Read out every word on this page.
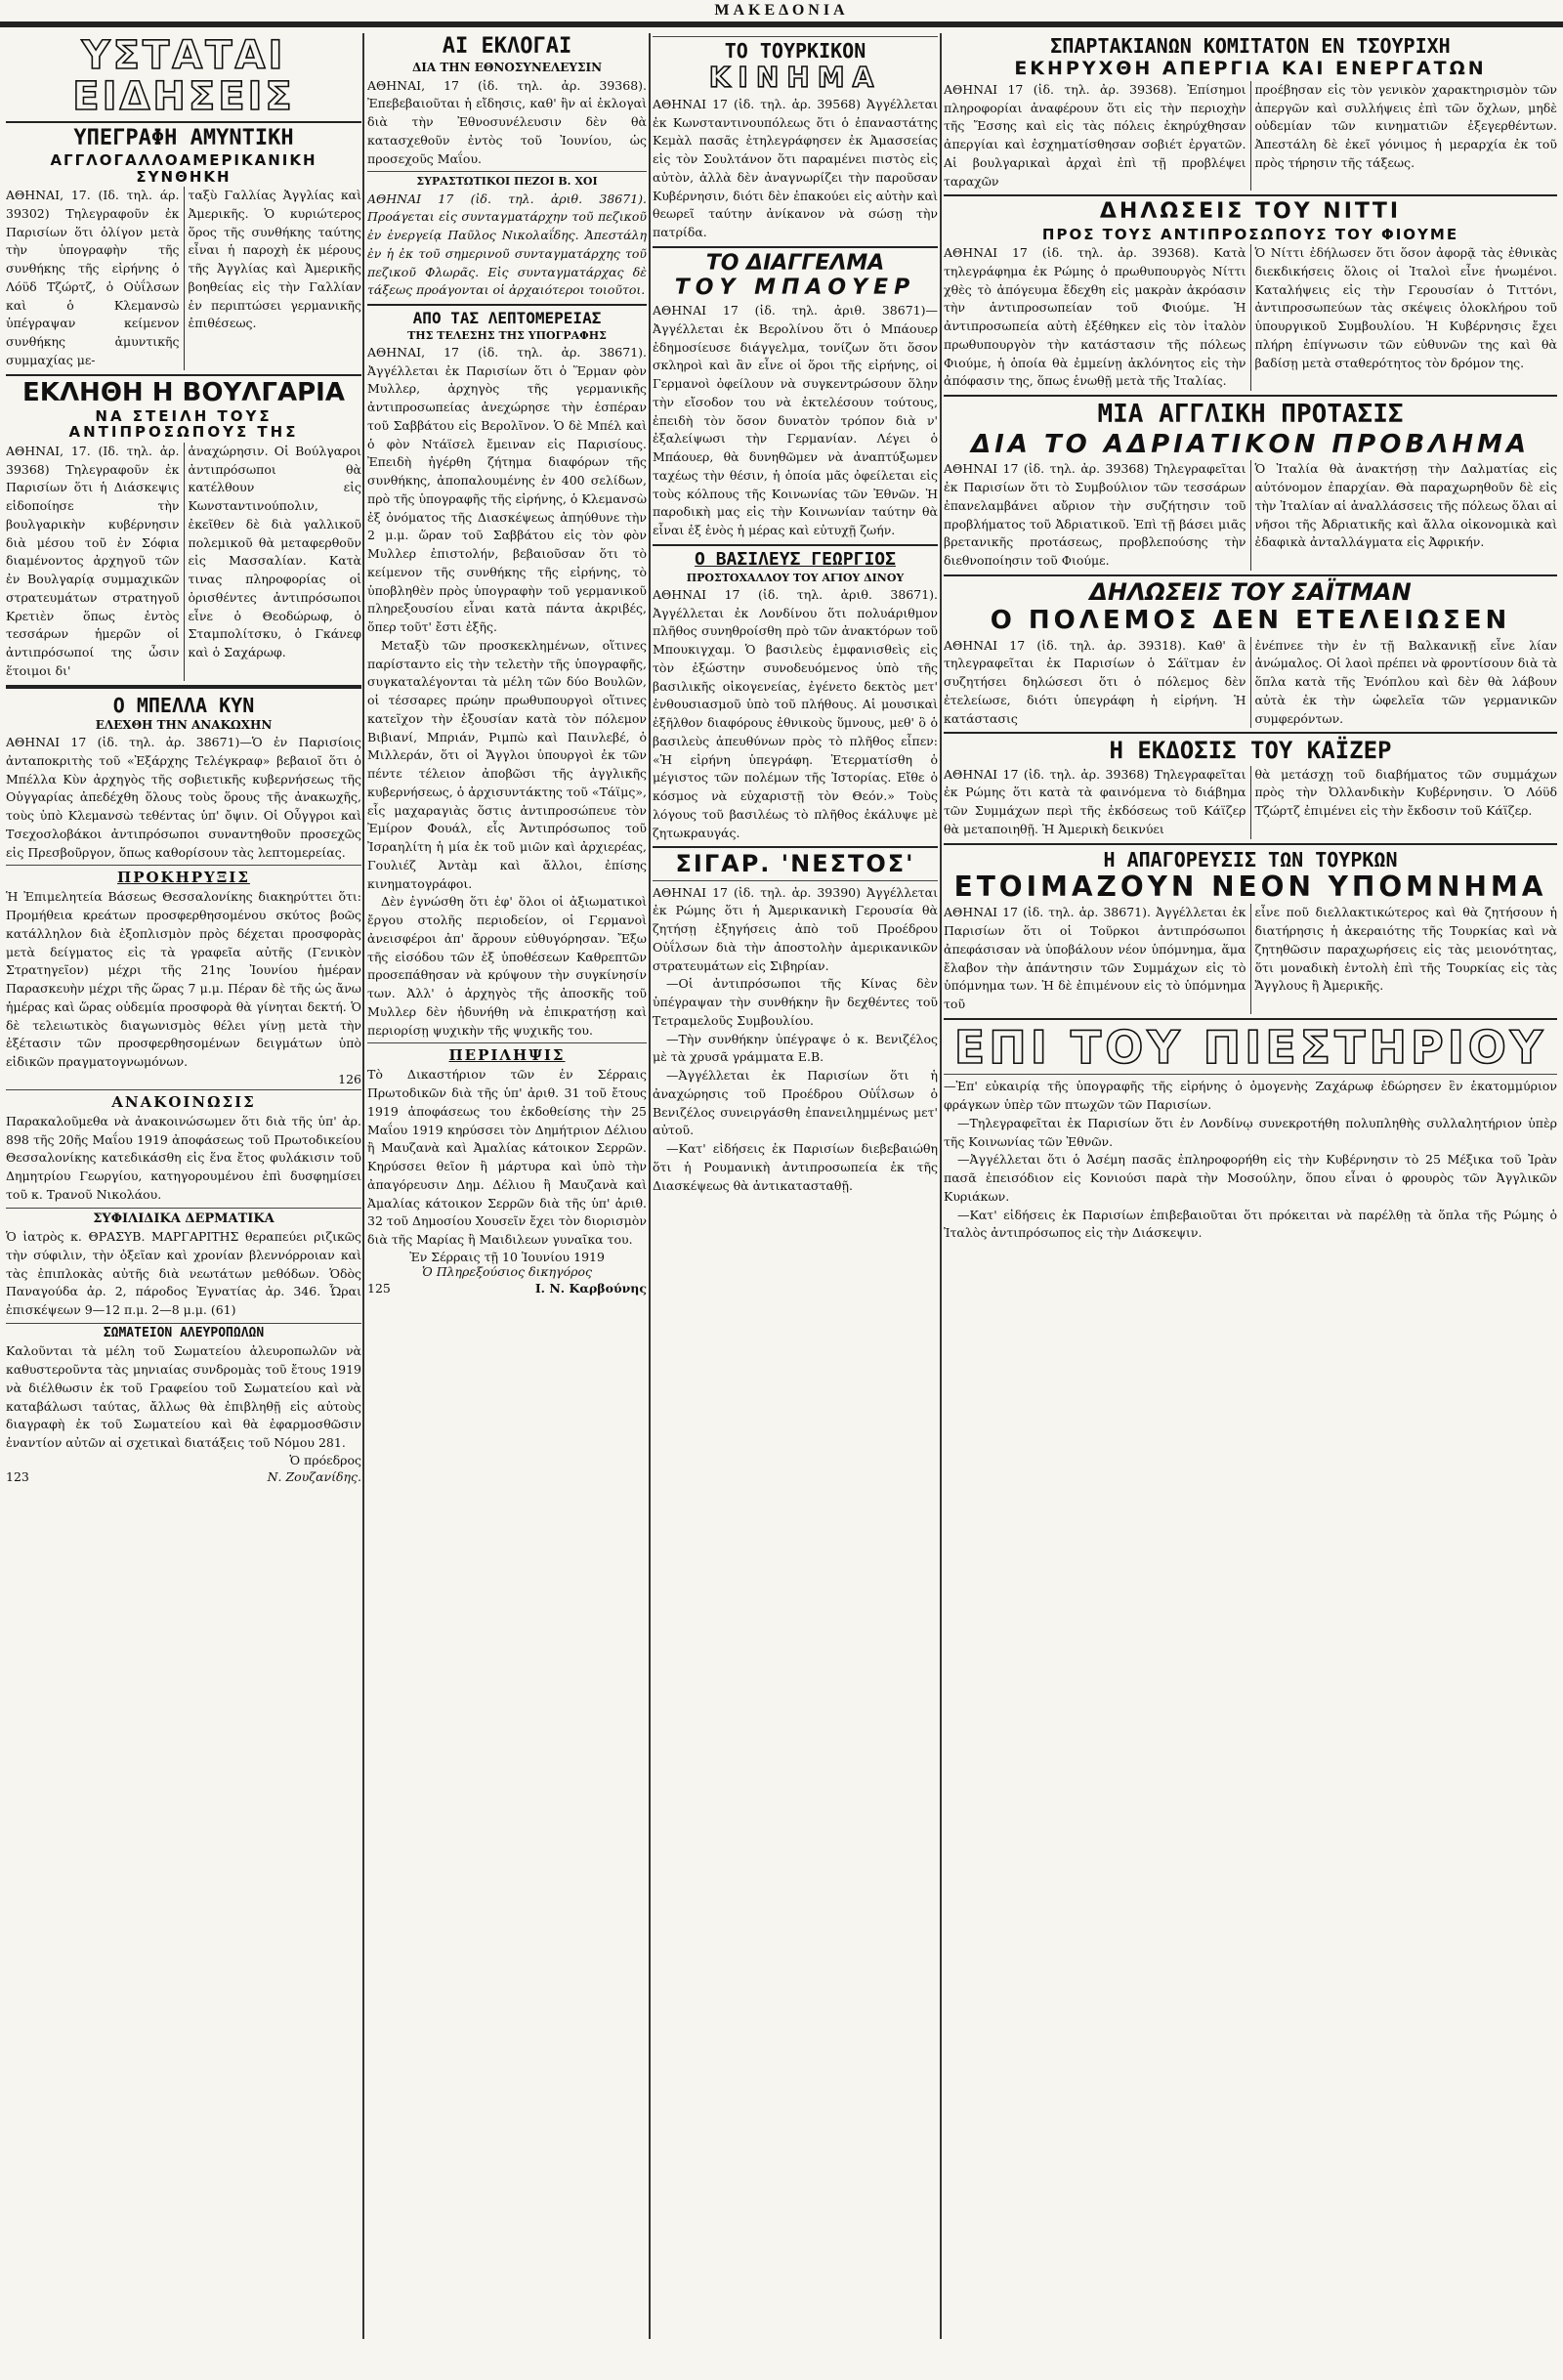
ΜΑΚΕΔΟΝΙΑ
ΥΣΤΑΤΑΙ ΕΙΔΗΣΕΙΣ
ΥΠΕΓΡΑΦΗ ΑΜΥΝΤΙΚΗ
ΑΓΓΛΟΓΑΛΛΟΑΜΕΡΙΚΑΝΙΚΗ ΣΥΝΘΗΚΗ

ΑΘΗΝΑΙ, 17. (Ιδ. τηλ. άρ. 39302) Τηλεγραφοῦν ἐκ Παρισίων ὅτι ὀλίγον μετὰ τὴν ὑπογραφὴν τῆς συνθήκης τῆς εἰρήνης ὁ Λόϋδ Τζώρτζ, ὁ Οὐΐλσων καὶ ὁ Κλεμανσὼ ὑπέγραψαν κείμενον συνθήκης ἀμυντικῆς συμμαχίας με-

ταξὺ Γαλλίας Ἀγγλίας καὶ Ἀμερικῆς. Ὁ κυριώτερος ὅρος τῆς συνθήκης ταύτης εἶναι ἡ παροχὴ ἐκ μέρους τῆς Ἀγγλίας καὶ Ἀμερικῆς βοηθείας εἰς τὴν Γαλλίαν ἐν περιπτώσει γερμανικῆς ἐπιθέσεως.

ΕΚΛΗΘΗ Η ΒΟΥΛΓΑΡΙΑ
ΝΑ ΣΤΕΙΛΗ ΤΟΥΣ ΑΝΤΙΠΡΟΣΩΠΟΥΣ ΤΗΣ

ΑΘΗΝΑΙ, 17. (Ιδ. τηλ. ἀρ. 39368) Τηλεγραφοῦν ἐκ Παρισίων ὅτι ἡ Διάσκεψις εἰδοποίησε τὴν βουλγαρικὴν κυβέρνησιν διὰ μέσου τοῦ ἐν Σόφια διαμένοντος ἀρχηγοῦ τῶν ἐν Βουλγαρίᾳ συμμαχικῶν στρατευμάτων στρατηγοῦ Κρετιὲν ὅπως ἐντὸς τεσσάρων ἡμερῶν οἱ ἀντιπρόσωποί της ὦσιν ἕτοιμοι δι'

ἀναχώρησιν. Οἱ Βούλγαροι ἀντιπρόσωποι θὰ κατέλθουν εἰς Κωνσταντινούπολιν, ἐκεῖθεν δὲ διὰ γαλλικοῦ πολεμικοῦ θὰ μεταφερθοῦν εἰς Μασσαλίαν. Κατὰ τινας πληροφορίας οἱ ὁρισθέντες ἀντιπρόσωποι εἶνε ὁ Θεοδώρωφ, ὁ Σταμπολίτσκυ, ὁ Γκάνεφ καὶ ὁ Σαχάρωφ.

Ο ΜΠΕΛΛΑ ΚΥΝ
ΕΛΕΧΘΗ ΤΗΝ ΑΝΑΚΩΧΗΝ

ΑΘΗΝΑΙ 17 (ἰδ. τηλ. ἀρ. 38671)—Ὁ ἐν Παρισίοις ἀνταποκριτὴς τοῦ «Ἐξάρχης Τελέγκραφ» βεβαιοῖ ὅτι ὁ Μπέλλα Κὺν ἀρχηγὸς τῆς σοβιετικῆς κυβερνήσεως τῆς Οὑγγαρίας ἀπεδέχθη ὅλους τοὺς ὅρους τῆς ἀνακωχῆς, τοὺς ὑπὸ Κλεμανσὼ τεθέντας ὑπ' ὄψιν. Οἱ Οὗγγροι καὶ Τσεχοσλοβάκοι ἀντιπρόσωποι συναντηθοῦν προσεχῶς εἰς Πρεσβοῦργον, ὅπως καθορίσουν τὰς λεπτομερείας.

ΠΡΟΚΗΡΥΞΙΣ

Ἡ Ἐπιμελητεία Βάσεως Θεσσαλονίκης διακηρύττει ὅτι: Προμήθεια κρεάτων προσφερθησομένου σκύτος βοῶς κατάλληλον διὰ ἐξοπλισμὸν πρὸς δέχεται προσφορὰς μετὰ δείγματος εἰς τὰ γραφεῖα αὐτῆς (Γενικὸν Στρατηγεῖον) μέχρι τῆς 21ης Ἰουνίου ἡμέραν Παρασκευὴν μέχρι τῆς ὥρας 7 μ.μ. Πέραν δὲ τῆς ὡς ἄνω ἡμέρας καὶ ὥρας οὐδεμία προσφορὰ θὰ γίνηται δεκτή. Ὁ δὲ τελειωτικὸς διαγωνισμὸς θέλει γίνῃ μετὰ τὴν ἐξέτασιν τῶν προσφερθησομένων δειγμάτων ὑπὸ εἰδικῶν πραγματογνωμόνων.

126
ΑΝΑΚΟΙΝΩΣΙΣ

Παρακαλοῦμεθα νὰ ἀνακοινώσωμεν ὅτι διὰ τῆς ὑπ' ἀρ. 898 τῆς 20ῆς Μαΐου 1919 ἀποφάσεως τοῦ Πρωτοδικείου Θεσσαλονίκης κατεδικάσθη εἰς ἕνα ἔτος φυλάκισιν τοῦ Δημητρίου Γεωργίου, κατηγορουμένου ἐπὶ δυσφημίσει τοῦ κ. Τρανοῦ Νικολάου.

ΣΥΦΙΛΙΔΙΚΑ ΔΕΡΜΑΤΙΚΑ

Ὁ ἰατρὸς κ. ΘΡΑΣΥΒ. ΜΑΡΓΑΡΙΤΗΣ θεραπεύει ριζικῶς τὴν σύφιλιν, τὴν ὀξεῖαν καὶ χρονίαν βλεννόρροιαν καὶ τὰς ἐπιπλοκὰς αὐτῆς διὰ νεωτάτων μεθόδων. Ὁδὸς Παναγούδα ἀρ. 2, πάροδος Ἐγνατίας ἀρ. 346. Ὧραι ἐπισκέψεων 9—12 π.μ. 2—8 μ.μ. (61)

ΣΩΜΑΤΕΙΟΝ ΑΛΕΥΡΟΠΩΛΩΝ

Καλοῦνται τὰ μέλη τοῦ Σωματείου ἀλευροπωλῶν νὰ καθυστεροῦντα τὰς μηνιαίας συνδρομὰς τοῦ ἔτους 1919 νὰ διέλθωσιν ἐκ τοῦ Γραφείου τοῦ Σωματείου καὶ νὰ καταβάλωσι ταύτας, ἄλλως θὰ ἐπιβληθῇ εἰς αὐτοὺς διαγραφὴ ἐκ τοῦ Σωματείου καὶ θὰ ἐφαρμοσθῶσιν ἐναντίον αὐτῶν αἱ σχετικαὶ διατάξεις τοῦ Νόμου 281.

Ὁ πρόεδρος
123	Ν. Ζουζανίδης.
ΑΙ ΕΚΛΟΓΑΙ
ΔΙΑ ΤΗΝ ΕΘΝΟΣΥΝΕΛΕΥΣΙΝ

ΑΘΗΝΑΙ, 17 (ἰδ. τηλ. ἀρ. 39368). Ἐπεβεβαιοῦται ἡ εἴδησις, καθ' ἣν αἱ ἐκλογαὶ διὰ τὴν Ἐθνοσυνέλευσιν δὲν θὰ κατασχεθοῦν ἐντὸς τοῦ Ἰουνίου, ὡς προσεχοῦς Μαΐου.

ΣΥΡΑΣΤΩΤΙΚΟΙ ΠΕΖΟΙ Β. ΧΟΙ

ΑΘΗΝΑΙ 17 (ἰδ. τηλ. ἀριθ. 38671). Προάγεται εἰς συνταγματάρχην τοῦ πεζικοῦ ἐν ἐνεργείᾳ Παῦλος Νικολαΐδης. Ἀπεστάλη ἐν ἡ ἐκ τοῦ σημερινοῦ συνταγματάρχης τοῦ πεζικοῦ Φλωρᾶς. Εἰς συνταγματάρχας δὲ τάξεως προάγονται οἱ ἀρχαιότεροι τοιοῦτοι.

ΑΠΟ ΤΑΣ ΛΕΠΤΟΜΕΡΕΙΑΣ
ΤΗΣ ΤΕΛΕΣΗΣ ΤΗΣ ΥΠΟΓΡΑΦΗΣ

ΑΘΗΝΑΙ, 17 (ἰδ. τηλ. ἀρ. 38671). Ἀγγέλλεται ἐκ Παρισίων ὅτι ὁ Ἕρμαν φὸν Μυλλερ, ἀρχηγὸς τῆς γερμανικῆς ἀντιπροσωπείας ἀνεχώρησε τὴν ἑσπέραν τοῦ Σαββάτου εἰς Βερολῖνον. Ὁ δὲ Μπέλ καὶ ὁ φὸν Ντάϊσελ ἔμειναν εἰς Παρισίους. Ἐπειδὴ ἠγέρθη ζήτημα διαφόρων τῆς συνθήκης, ἀποπαλουμένης ἐν 400 σελίδων, πρὸ τῆς ὑπογραφῆς τῆς εἰρήνης, ὁ Κλεμανσὼ ἐξ ὀνόματος τῆς Διασκέψεως ἀπηύθυνε τὴν 2 μ.μ. ὥραν τοῦ Σαββάτου εἰς τὸν φὸν Μυλλερ ἐπιστολήν, βεβαιοῦσαν ὅτι τὸ κείμενον τῆς συνθήκης τῆς εἰρήνης, τὸ ὑποβληθὲν πρὸς ὑπογραφὴν τοῦ γερμανικοῦ πληρεξουσίου εἶναι κατὰ πάντα ἀκριβές, ὅπερ τοῦτ' ἔστι ἐξῆς.

Μεταξὺ τῶν προσκεκλημένων, οἵτινες παρίσταντο εἰς τὴν τελετὴν τῆς ὑπογραφῆς, συγκαταλέγονται τὰ μέλη τῶν δύο Βουλῶν, οἱ τέσσαρες πρώην πρωθυπουργοὶ οἵτινες κατεῖχον τὴν ἐξουσίαν κατὰ τὸν πόλεμον Βιβιανί, Μπριάν, Ριμπὼ καὶ Παινλεβέ, ὁ Μιλλεράν, ὅτι οἱ Ἄγγλοι ὑπουργοὶ ἐκ τῶν πέντε τέλειον ἀποβῶσι τῆς ἀγγλικῆς κυβερνήσεως, ὁ ἀρχισυντάκτης τοῦ «Τάϊμς», εἷς μαχαραγιὰς ὅστις ἀντιπροσώπευε τὸν Ἐμίρον Φουάλ, εἷς Ἀντιπρόσωπος τοῦ Ἰσραηλίτη ἡ μία ἐκ τοῦ μιῶν καὶ ἀρχιερέας, Γουλιέζ Ἀντὰμ καὶ ἄλλοι, ἐπίσης κινηματογράφοι.

Δὲν ἐγνώσθη ὅτι ἐφ' ὅλοι οἱ ἀξιωματικοὶ ἔργου στολῆς περιοδείον, οἱ Γερμανοὶ ἀνεισφέροι ἀπ' ἄρρουν εὐθυγόρησαν. Ἔξω τῆς εἰσόδου τῶν ἐξ ὑποθέσεων Καθρεπτῶν προσεπάθησαν νὰ κρύψουν τὴν συγκίνησίν των. Ἀλλ' ὁ ἀρχηγὸς τῆς ἀποσκῆς τοῦ Μυλλερ δὲν ἠδυνήθη νὰ ἐπικρατήσῃ καὶ περιορίσῃ ψυχικὴν τῆς ψυχικῆς του.

ΠΕΡΙΛΗΨΙΣ

Τὸ Δικαστήριον τῶν ἐν Σέρραις Πρωτοδικῶν διὰ τῆς ὑπ' ἀριθ. 31 τοῦ ἔτους 1919 ἀποφάσεως του ἐκδοθείσης τὴν 25 Μαΐου 1919 κηρύσσει τὸν Δημήτριον Δέλιου ἢ Μαυζανὰ καὶ Ἀμαλίας κάτοικον Σερρῶν. Κηρύσσει θεῖον ἢ μάρτυρα καὶ ὑπὸ τὴν ἀπαγόρευσιν Δημ. Δέλιου ἢ Μαυζανὰ καὶ Ἀμαλίας κάτοικον Σερρῶν διὰ τῆς ὑπ' ἀριθ. 32 τοῦ Δημοσίου Χουσεῖν ἔχει τὸν διορισμὸν διὰ τῆς Μαρίας ἢ Μαιδιλεων γυναῖκα του.

Ἐν Σέρραις τῇ 10 Ἰουνίου 1919
Ὁ Πληρεξούσιος δικηγόρος
125	Ι. Ν. Καρβούνης
ΤΟ ΤΟΥΡΚΙΚΟΝ
ΚΙΝΗΜΑ

ΑΘΗΝΑΙ 17 (ἰδ. τηλ. ἀρ. 39568) Ἀγγέλλεται ἐκ Κωνσταντινουπόλεως ὅτι ὁ ἐπαναστάτης Κεμὰλ πασᾶς ἐτηλεγράφησεν ἐκ Ἀμασσείας εἰς τὸν Σουλτάνον ὅτι παραμένει πιστὸς εἰς αὐτὸν, ἀλλὰ δὲν ἀναγνωρίζει τὴν παροῦσαν Κυβέρνησιν, διότι δὲν ἐπακούει εἰς αὐτὴν καὶ θεωρεῖ ταύτην ἀνίκανον νὰ σώσῃ τὴν πατρίδα.

ΤΟ ΔΙΑΓΓΕΛΜΑ
ΤΟΥ ΜΠΑΟΥΕΡ

ΑΘΗΝΑΙ 17 (ἰδ. τηλ. ἀριθ. 38671)—Ἀγγέλλεται ἐκ Βερολίνου ὅτι ὁ Μπάουερ ἐδημοσίευσε διάγγελμα, τονίζων ὅτι ὅσον σκληροὶ καὶ ἂν εἶνε οἱ ὅροι τῆς εἰρήνης, οἱ Γερμανοὶ ὀφείλουν νὰ συγκεντρώσουν ὅλην τὴν εἴσοδον του νὰ ἐκτελέσουν τούτους, ἐπειδὴ τὸν ὅσον δυνατὸν τρόπον διὰ ν' ἐξαλείψωσι τὴν Γερμανίαν. Λέγει ὁ Μπάουερ, θὰ δυνηθῶμεν νὰ ἀναπτύξωμεν ταχέως τὴν θέσιν, ἡ ὁποία μᾶς ὀφείλεται εἰς τοὺς κόλπους τῆς Κοινωνίας τῶν Ἐθνῶν. Ἡ παροδικὴ μας εἰς τὴν Κοινωνίαν ταύτην θὰ εἶναι ἐξ ἑνὸς ἡ μέρας καὶ εὐτυχῇ ζωήν.

Ο ΒΑΣΙΛΕΥΣ ΓΕΩΡΓΙΟΣ
ΠΡΟΣΤΟΧΑΛΛΟΥ ΤΟΥ ΑΓΙΟΥ ΔΙΝΟΥ

ΑΘΗΝΑΙ 17 (ἰδ. τηλ. ἀριθ. 38671). Ἀγγέλλεται ἐκ Λονδίνου ὅτι πολυάριθμον πλῆθος συνηθροίσθη πρὸ τῶν ἀνακτόρων τοῦ Μπουκιγχαμ. Ὁ βασιλεὺς ἐμφανισθεὶς εἰς τὸν ἐξώστην συνοδευόμενος ὑπὸ τῆς βασιλικῆς οἰκογενείας, ἐγένετο δεκτὸς μετ' ἐνθουσιασμοῦ ὑπὸ τοῦ πλήθους. Αἱ μουσικαὶ ἐξῆλθον διαφόρους ἐθνικοὺς ὕμνους, μεθ' ὃ ὁ βασιλεὺς ἀπευθύνων πρὸς τὸ πλῆθος εἶπεν: «Ἡ εἰρήνη ὑπεγράφη. Ἐτερματίσθη ὁ μέγιστος τῶν πολέμων τῆς Ἱστορίας. Εἴθε ὁ κόσμος νὰ εὐχαριστῇ τὸν Θεόν.» Τοὺς λόγους τοῦ βασιλέως τὸ πλῆθος ἐκάλυψε μὲ ζητωκραυγάς.

ΣΙΓΑΡ. 'ΝΕΣΤΟΣ'

ΑΘΗΝΑΙ 17 (ἰδ. τηλ. ἀρ. 39390) Ἀγγέλλεται ἐκ Ρώμης ὅτι ἡ Ἀμερικανικὴ Γερουσία θὰ ζητήσῃ ἐξηγήσεις ἀπὸ τοῦ Προέδρου Οὐΐλσων διὰ τὴν ἀποστολὴν ἀμερικανικῶν στρατευμάτων εἰς Σιβηρίαν.

—Οἱ ἀντιπρόσωποι τῆς Κίνας δὲν ὑπέγραψαν τὴν συνθήκην ἣν δεχθέντες τοῦ Τετραμελοῦς Συμβουλίου.

—Τὴν συνθήκην ὑπέγραψε ὁ κ. Βενιζέλος μὲ τὰ χρυσᾶ γράμματα Ε.Β.

—Ἀγγέλλεται ἐκ Παρισίων ὅτι ἡ ἀναχώρησις τοῦ Προέδρου Οὐΐλσων ὁ Βενιζέλος συνειργάσθη ἐπανειλημμένως μετ' αὐτοῦ.

—Κατ' εἰδήσεις ἐκ Παρισίων διεβεβαιώθη ὅτι ἡ Ρουμανικὴ ἀντιπροσωπεία ἐκ τῆς Διασκέψεως θὰ ἀντικατασταθῇ.

ΣΠΑΡΤΑΚΙΑΝΩΝ ΚΟΜΙΤΑΤΟΝ ΕΝ ΤΣΟΥΡΙΧΗ
ΕΚΗΡΥΧΘΗ ΑΠΕΡΓΙΑ ΚΑΙ ΕΝΕΡΓΑΤΩΝ

ΑΘΗΝΑΙ 17 (ἰδ. τηλ. ἀρ. 39368). Ἐπίσημοι πληροφορίαι ἀναφέρουν ὅτι εἰς τὴν περιοχὴν τῆς Ἔσσης καὶ εἰς τὰς πόλεις ἐκηρύχθησαν ἀπεργίαι καὶ ἐσχηματίσθησαν σοβιέτ ἐργατῶν. Αἱ βουλγαρικαὶ ἀρχαὶ ἐπὶ τῇ προβλέψει ταραχῶν

προέβησαν εἰς τὸν γενικὸν χαρακτηρισμὸν τῶν ἀπεργῶν καὶ συλλήψεις ἐπὶ τῶν ὄχλων, μηδὲ οὐδεμίαν τῶν κινηματιῶν ἐξεγερθέντων. Ἀπεστάλη δὲ ἐκεῖ γόνιμος ἡ μεραρχία ἐκ τοῦ πρὸς τήρησιν τῆς τάξεως.

ΔΗΛΩΣΕΙΣ ΤΟΥ ΝΙΤΤΙ
ΠΡΟΣ ΤΟΥΣ ΑΝΤΙΠΡΟΣΩΠΟΥΣ ΤΟΥ ΦΙΟΥΜΕ

ΑΘΗΝΑΙ 17 (ἰδ. τηλ. ἀρ. 39368). Κατὰ τηλεγράφημα ἐκ Ρώμης ὁ πρωθυπουργὸς Νίττι χθὲς τὸ ἀπόγευμα ἔδεχθη εἰς μακρὰν ἀκρόασιν τὴν ἀντιπροσωπείαν τοῦ Φιούμε. Ἡ ἀντιπροσωπεία αὐτὴ ἐξέθηκεν εἰς τὸν ἰταλὸν πρωθυπουργὸν τὴν κατάστασιν τῆς πόλεως Φιούμε, ἡ ὁποία θὰ ἐμμείνῃ ἀκλόνητος εἰς τὴν ἀπόφασιν της, ὅπως ἑνωθῇ μετὰ τῆς Ἰταλίας.

Ὁ Νίττι ἐδήλωσεν ὅτι ὅσον ἀφορᾷ τὰς ἐθνικὰς διεκδικήσεις ὅλοις οἱ Ἰταλοὶ εἶνε ἡνωμένοι. Καταλήψεις εἰς τὴν Γερουσίαν ὁ Τιττόνι, ἀντιπροσωπεύων τὰς σκέψεις ὁλοκλήρου τοῦ ὑπουργικοῦ Συμβουλίου. Ἡ Κυβέρνησις ἔχει πλήρη ἐπίγνωσιν τῶν εὐθυνῶν της καὶ θὰ βαδίσῃ μετὰ σταθερότητος τὸν δρόμον της.

ΜΙΑ ΑΓΓΛΙΚΗ ΠΡΟΤΑΣΙΣ
ΔΙΑ ΤΟ ΑΔΡΙΑΤΙΚΟΝ ΠΡΟΒΛΗΜΑ

ΑΘΗΝΑΙ 17 (ἰδ. τηλ. ἀρ. 39368) Τηλεγραφεῖται ἐκ Παρισίων ὅτι τὸ Συμβούλιον τῶν τεσσάρων ἐπανελαμβάνει αὔριον τὴν συζήτησιν τοῦ προβλήματος τοῦ Ἀδριατικοῦ. Ἐπὶ τῇ βάσει μιᾶς βρετανικῆς προτάσεως, προβλεπούσης τὴν διεθνοποίησιν τοῦ Φιούμε.

Ὁ Ἰταλία θὰ ἀνακτήσῃ τὴν Δαλματίας εἰς αὐτόνομον ἐπαρχίαν. Θὰ παραχωρηθοῦν δὲ εἰς τὴν Ἰταλίαν αἱ ἀναλλάσσεις τῆς πόλεως ὅλαι αἱ νῆσοι τῆς Ἀδριατικῆς καὶ ἄλλα οἰκονομικὰ καὶ ἐδαφικὰ ἀνταλλάγματα εἰς Ἀφρικήν.

ΔΗΛΩΣΕΙΣ ΤΟΥ ΣΑΪΤΜΑΝ
Ο ΠΟΛΕΜΟΣ ΔΕΝ ΕΤΕΛΕΙΩΣΕΝ

ΑΘΗΝΑΙ 17 (ἰδ. τηλ. ἀρ. 39318). Καθ' ἃ τηλεγραφεῖται ἐκ Παρισίων ὁ Σάϊτμαν ἐν συζητήσει δηλώσεσι ὅτι ὁ πόλεμος δὲν ἐτελείωσε, διότι ὑπεγράφη ἡ εἰρήνη. Ἡ κατάστασις

ἐνέπνεε τὴν ἐν τῇ Βαλκανικῇ εἶνε λίαν ἀνώμαλος. Οἱ λαοὶ πρέπει νὰ φροντίσουν διὰ τὰ ὅπλα κατὰ τῆς Ἐνόπλου καὶ δὲν θὰ λάβουν αὐτὰ ἐκ τὴν ὠφελεῖα τῶν γερμανικῶν συμφερόντων.

Η ΕΚΔΟΣΙΣ ΤΟΥ ΚΑΪΖΕΡ

ΑΘΗΝΑΙ 17 (ἰδ. τηλ. ἀρ. 39368) Τηλεγραφεῖται ἐκ Ρώμης ὅτι κατὰ τὰ φαινόμενα τὸ διάβημα τῶν Συμμάχων περὶ τῆς ἐκδόσεως τοῦ Κάϊζερ θὰ μεταποιηθῇ. Ἡ Ἀμερικὴ δεικνύει

θὰ μετάσχῃ τοῦ διαβήματος τῶν συμμάχων πρὸς τὴν Ὀλλανδικὴν Κυβέρνησιν. Ὁ Λόϋδ Τζώρτζ ἐπιμένει εἰς τὴν ἔκδοσιν τοῦ Κάϊζερ.

Η ΑΠΑΓΟΡΕΥΣΙΣ ΤΩΝ ΤΟΥΡΚΩΝ
ΕΤΟΙΜΑΖΟΥΝ ΝΕΟΝ ΥΠΟΜΝΗΜΑ

ΑΘΗΝΑΙ 17 (ἰδ. τηλ. ἀρ. 38671). Ἀγγέλλεται ἐκ Παρισίων ὅτι οἱ Τοῦρκοι ἀντιπρόσωποι ἀπεφάσισαν νὰ ὑποβάλουν νέον ὑπόμνημα, ἅμα ἔλαβον τὴν ἀπάντησιν τῶν Συμμάχων εἰς τὸ ὑπόμνημα των. Ἡ δὲ ἐπιμένουν εἰς τὸ ὑπόμνημα τοῦ

εἶνε ποῦ διελλακτικώτερος καὶ θὰ ζητήσουν ἡ διατήρησις ἡ ἀκεραιότης τῆς Τουρκίας καὶ νὰ ζητηθῶσιν παραχωρήσεις εἰς τὰς μειονότητας, ὅτι μοναδικὴ ἐντολὴ ἐπὶ τῆς Τουρκίας εἰς τὰς Ἄγγλους ἢ Ἀμερικῆς.

ΕΠΙ ΤΟΥ ΠΙΕΣΤΗΡΙΟΥ

—Ἐπ' εὐκαιρίᾳ τῆς ὑπογραφῆς τῆς εἰρήνης ὁ ὁμογενὴς Ζαχάρωφ ἐδώρησεν ἓν ἑκατομμύριον φράγκων ὑπὲρ τῶν πτωχῶν τῶν Παρισίων.

—Τηλεγραφεῖται ἐκ Παρισίων ὅτι ἐν Λονδίνῳ συνεκροτήθη πολυπληθὴς συλλαλητήριον ὑπὲρ τῆς Κοινωνίας τῶν Ἐθνῶν.

—Ἀγγέλλεται ὅτι ὁ Ἀσέμη πασᾶς ἐπληροφορήθη εἰς τὴν Κυβέρνησιν τὸ 25 Μέξικα τοῦ Ἰρὰν πασᾶ ἐπεισόδιον εἰς Κονιούσι παρὰ τὴν Μοσούλην, ὅπου εἶναι ὁ φρουρὸς τῶν Ἀγγλικῶν Κυριάκων.

—Κατ' εἰδήσεις ἐκ Παρισίων ἐπιβεβαιοῦται ὅτι πρόκειται νὰ παρέλθῃ τὰ ὅπλα τῆς Ρώμης ὁ Ἰταλὸς ἀντιπρόσωπος εἰς τὴν Διάσκεψιν.
